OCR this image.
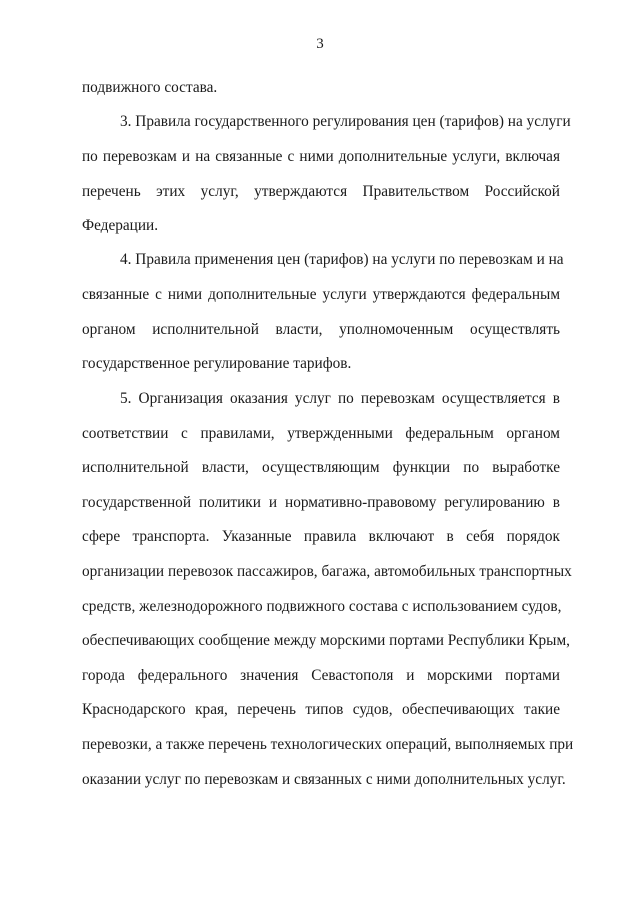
3
подвижного состава.
3. Правила государственного регулирования цен (тарифов) на услуги
по перевозкам и на связанные с ними дополнительные услуги, включая
перечень этих услуг, утверждаются Правительством Российской
Федерации.
4. Правила применения цен (тарифов) на услуги по перевозкам и на
связанные с ними дополнительные услуги утверждаются федеральным
органом исполнительной власти, уполномоченным осуществлять
государственное регулирование тарифов.
5. Организация оказания услуг по перевозкам осуществляется в
соответствии с правилами, утвержденными федеральным органом
исполнительной власти, осуществляющим функции по выработке
государственной политики и нормативно-правовому регулированию в
сфере транспорта. Указанные правила включают в себя порядок
организации перевозок пассажиров, багажа, автомобильных транспортных
средств, железнодорожного подвижного состава с использованием судов,
обеспечивающих сообщение между морскими портами Республики Крым,
города федерального значения Севастополя и морскими портами
Краснодарского края, перечень типов судов, обеспечивающих такие
перевозки, а также перечень технологических операций, выполняемых при
оказании услуг по перевозкам и связанных с ними дополнительных услуг.
